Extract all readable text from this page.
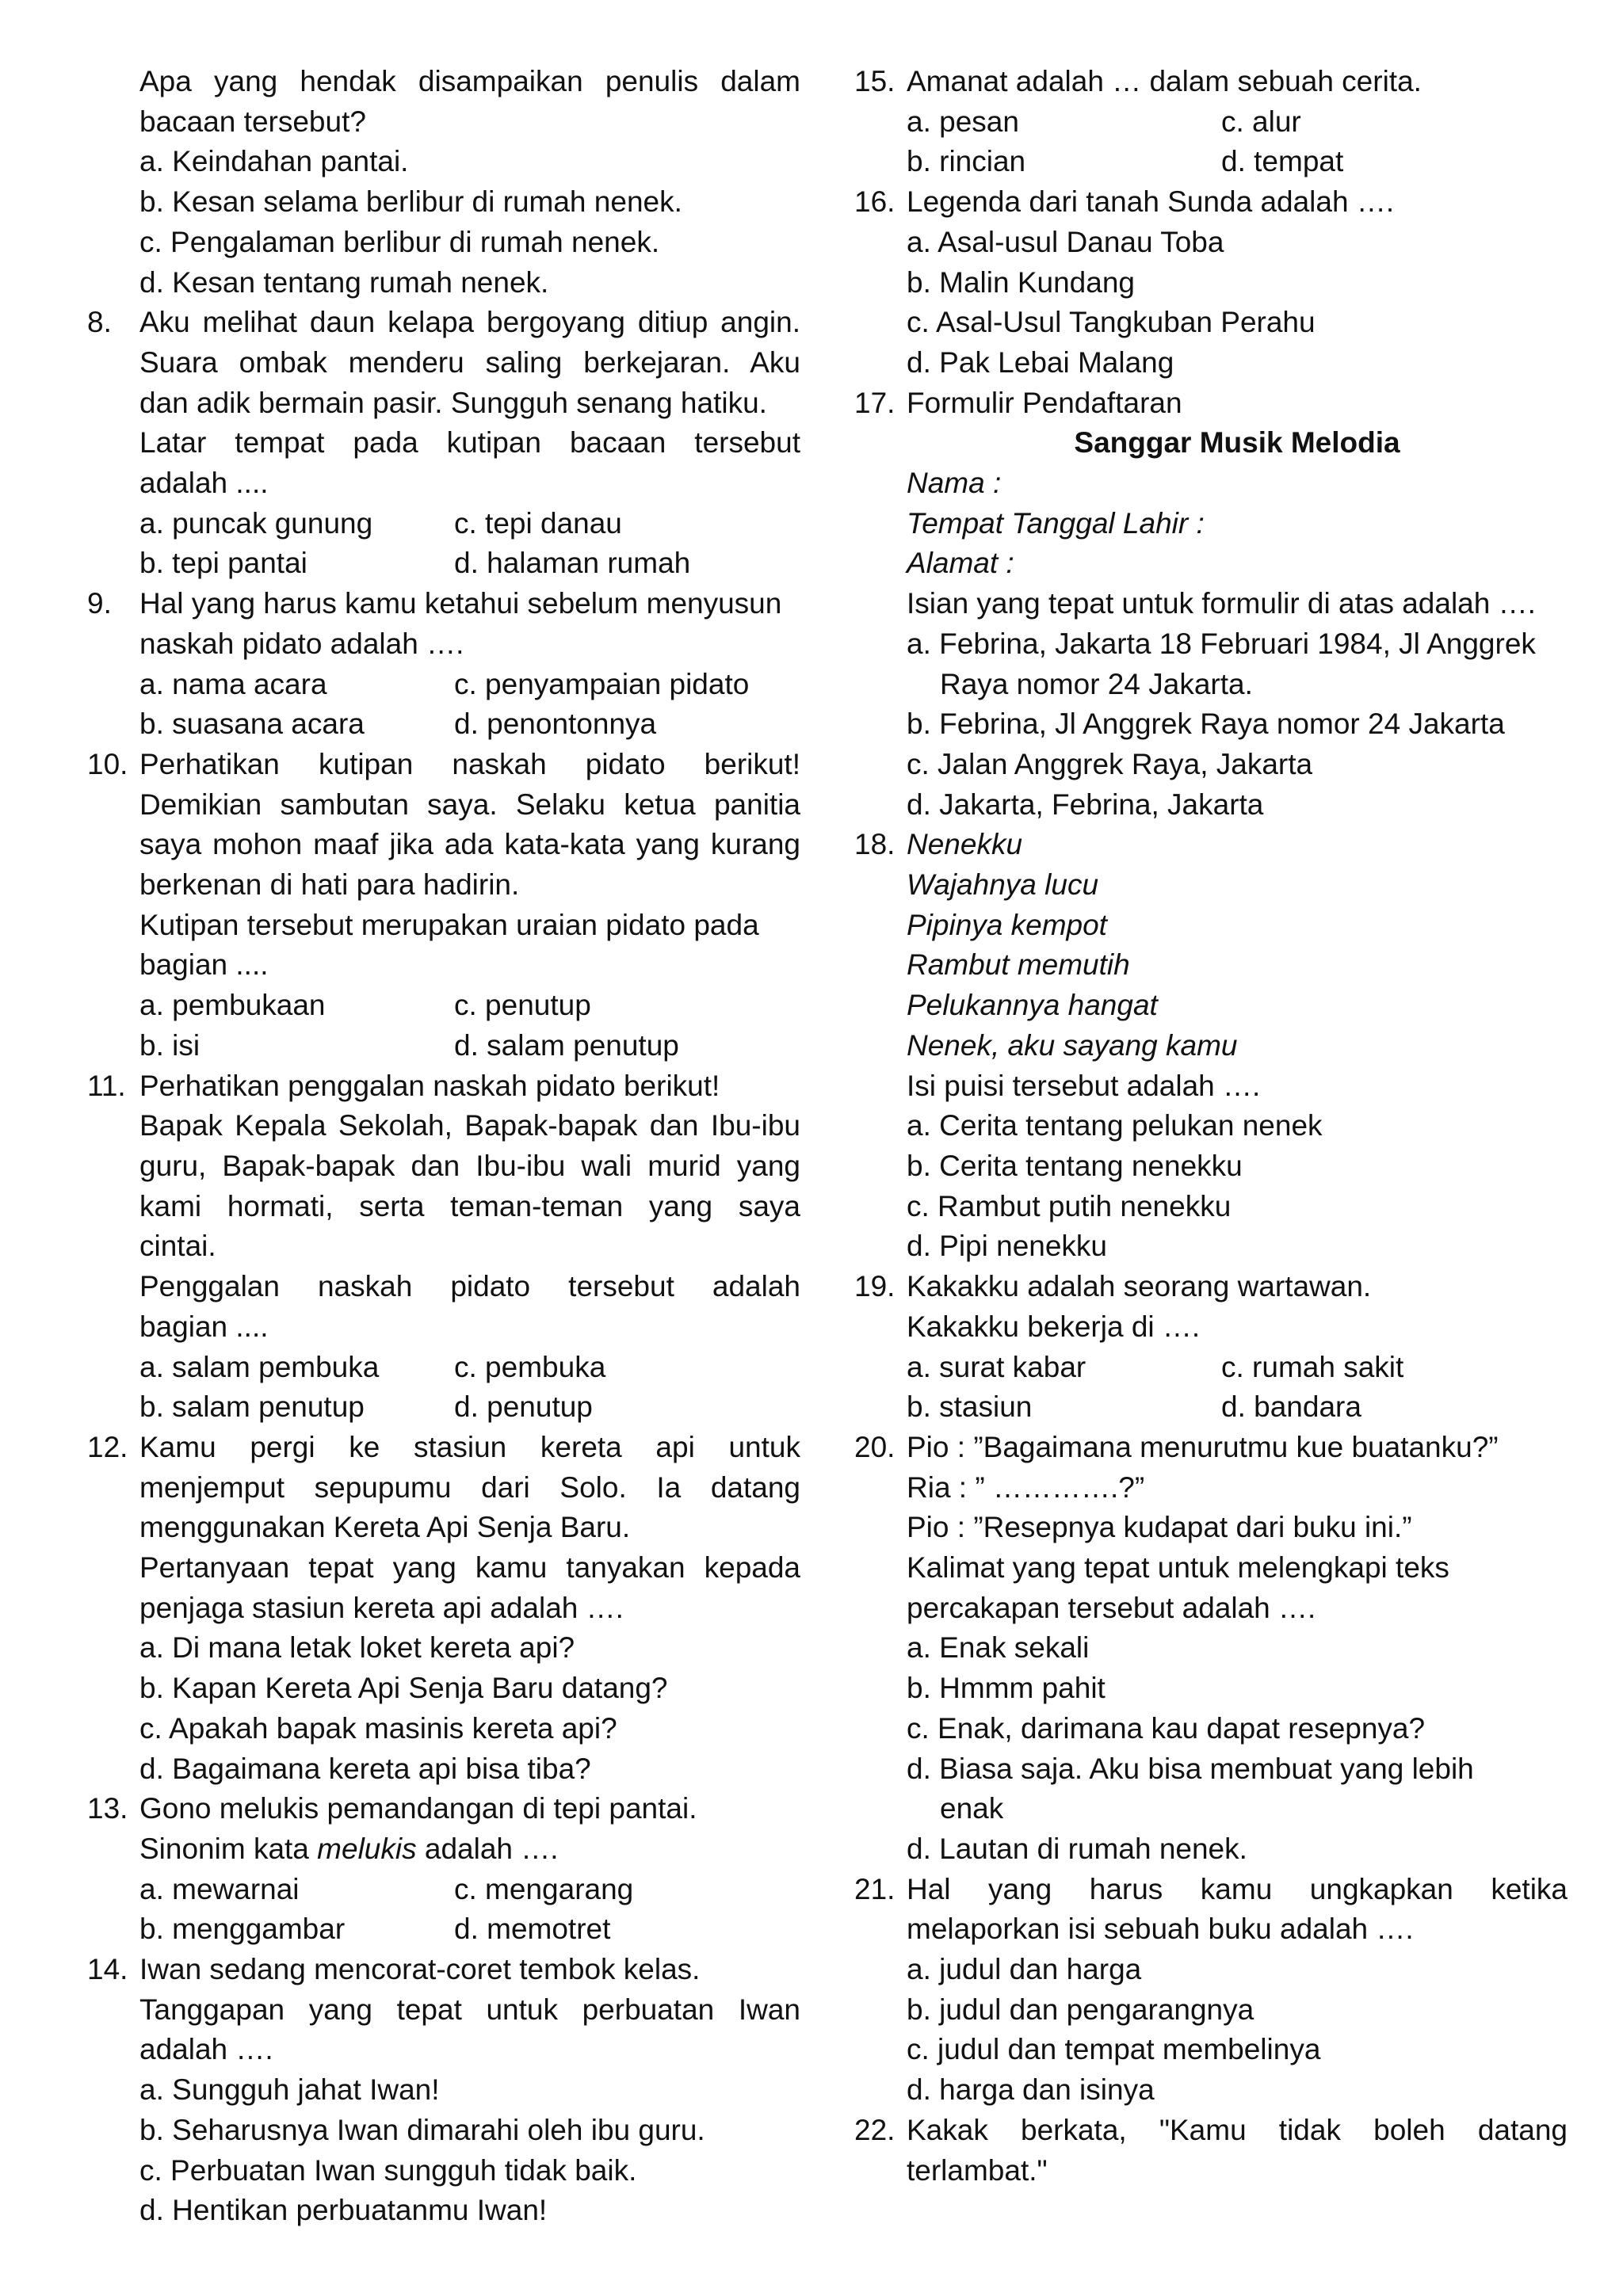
Apa yang hendak disampaikan penulis dalam
bacaan tersebut?
a. Keindahan pantai.
b. Kesan selama berlibur di rumah nenek.
c. Pengalaman berlibur di rumah nenek.
d. Kesan tentang rumah nenek.
8. Aku melihat daun kelapa bergoyang ditiup angin.
Suara ombak menderu saling berkejaran. Aku
dan adik bermain pasir. Sungguh senang hatiku.
Latar tempat pada kutipan bacaan tersebut
adalah ....
a. puncak gunung	c. tepi danau
b. tepi pantai	d. halaman rumah
9. Hal yang harus kamu ketahui sebelum menyusun
naskah pidato adalah ….
a. nama acara	c. penyampaian pidato
b. suasana acara	d. penontonnya
10. Perhatikan kutipan naskah pidato berikut!
Demikian sambutan saya. Selaku ketua panitia
saya mohon maaf jika ada kata-kata yang kurang
berkenan di hati para hadirin.
Kutipan tersebut merupakan uraian pidato pada
bagian ....
a. pembukaan	c. penutup
b. isi	d. salam penutup
11. Perhatikan penggalan naskah pidato berikut!
Bapak Kepala Sekolah, Bapak-bapak dan Ibu-ibu
guru, Bapak-bapak dan Ibu-ibu wali murid yang
kami hormati, serta teman-teman yang saya
cintai.
Penggalan naskah pidato tersebut adalah
bagian ....
a. salam pembuka	c. pembuka
b. salam penutup	d. penutup
12. Kamu pergi ke stasiun kereta api untuk
menjemput sepupumu dari Solo. Ia datang
menggunakan Kereta Api Senja Baru.
Pertanyaan tepat yang kamu tanyakan kepada
penjaga stasiun kereta api adalah ….
a. Di mana letak loket kereta api?
b. Kapan Kereta Api Senja Baru datang?
c. Apakah bapak masinis kereta api?
d. Bagaimana kereta api bisa tiba?
13. Gono melukis pemandangan di tepi pantai.
Sinonim kata melukis adalah ….
a. mewarnai	c. mengarang
b. menggambar	d. memotret
14. Iwan sedang mencorat-coret tembok kelas.
Tanggapan yang tepat untuk perbuatan Iwan
adalah ….
a. Sungguh jahat Iwan!
b. Seharusnya Iwan dimarahi oleh ibu guru.
c. Perbuatan Iwan sungguh tidak baik.
d. Hentikan perbuatanmu Iwan!
15. Amanat adalah … dalam sebuah cerita.
a. pesan	c. alur
b. rincian	d. tempat
16. Legenda dari tanah Sunda adalah ….
a. Asal-usul Danau Toba
b. Malin Kundang
c. Asal-Usul Tangkuban Perahu
d. Pak Lebai Malang
17. Formulir Pendaftaran
Sanggar Musik Melodia
Nama :
Tempat Tanggal Lahir :
Alamat :
Isian yang tepat untuk formulir di atas adalah ….
a. Febrina, Jakarta 18 Februari 1984, Jl Anggrek
Raya nomor 24 Jakarta.
b. Febrina, Jl Anggrek Raya nomor 24 Jakarta
c. Jalan Anggrek Raya, Jakarta
d. Jakarta, Febrina, Jakarta
18. Nenekku
Wajahnya lucu
Pipinya kempot
Rambut memutih
Pelukannya hangat
Nenek, aku sayang kamu
Isi puisi tersebut adalah ….
a. Cerita tentang pelukan nenek
b. Cerita tentang nenekku
c. Rambut putih nenekku
d. Pipi nenekku
19. Kakakku adalah seorang wartawan.
Kakakku bekerja di ….
a. surat kabar	c. rumah sakit
b. stasiun	d. bandara
20. Pio : ”Bagaimana menurutmu kue buatanku?”
Ria : ” ………….?”
Pio : ”Resepnya kudapat dari buku ini.”
Kalimat yang tepat untuk melengkapi teks
percakapan tersebut adalah ….
a. Enak sekali
b. Hmmm pahit
c. Enak, darimana kau dapat resepnya?
d. Biasa saja. Aku bisa membuat yang lebih
enak
d. Lautan di rumah nenek.
21. Hal yang harus kamu ungkapkan ketika
melaporkan isi sebuah buku adalah ….
a. judul dan harga
b. judul dan pengarangnya
c. judul dan tempat membelinya
d. harga dan isinya
22. Kakak berkata, "Kamu tidak boleh datang
terlambat."
